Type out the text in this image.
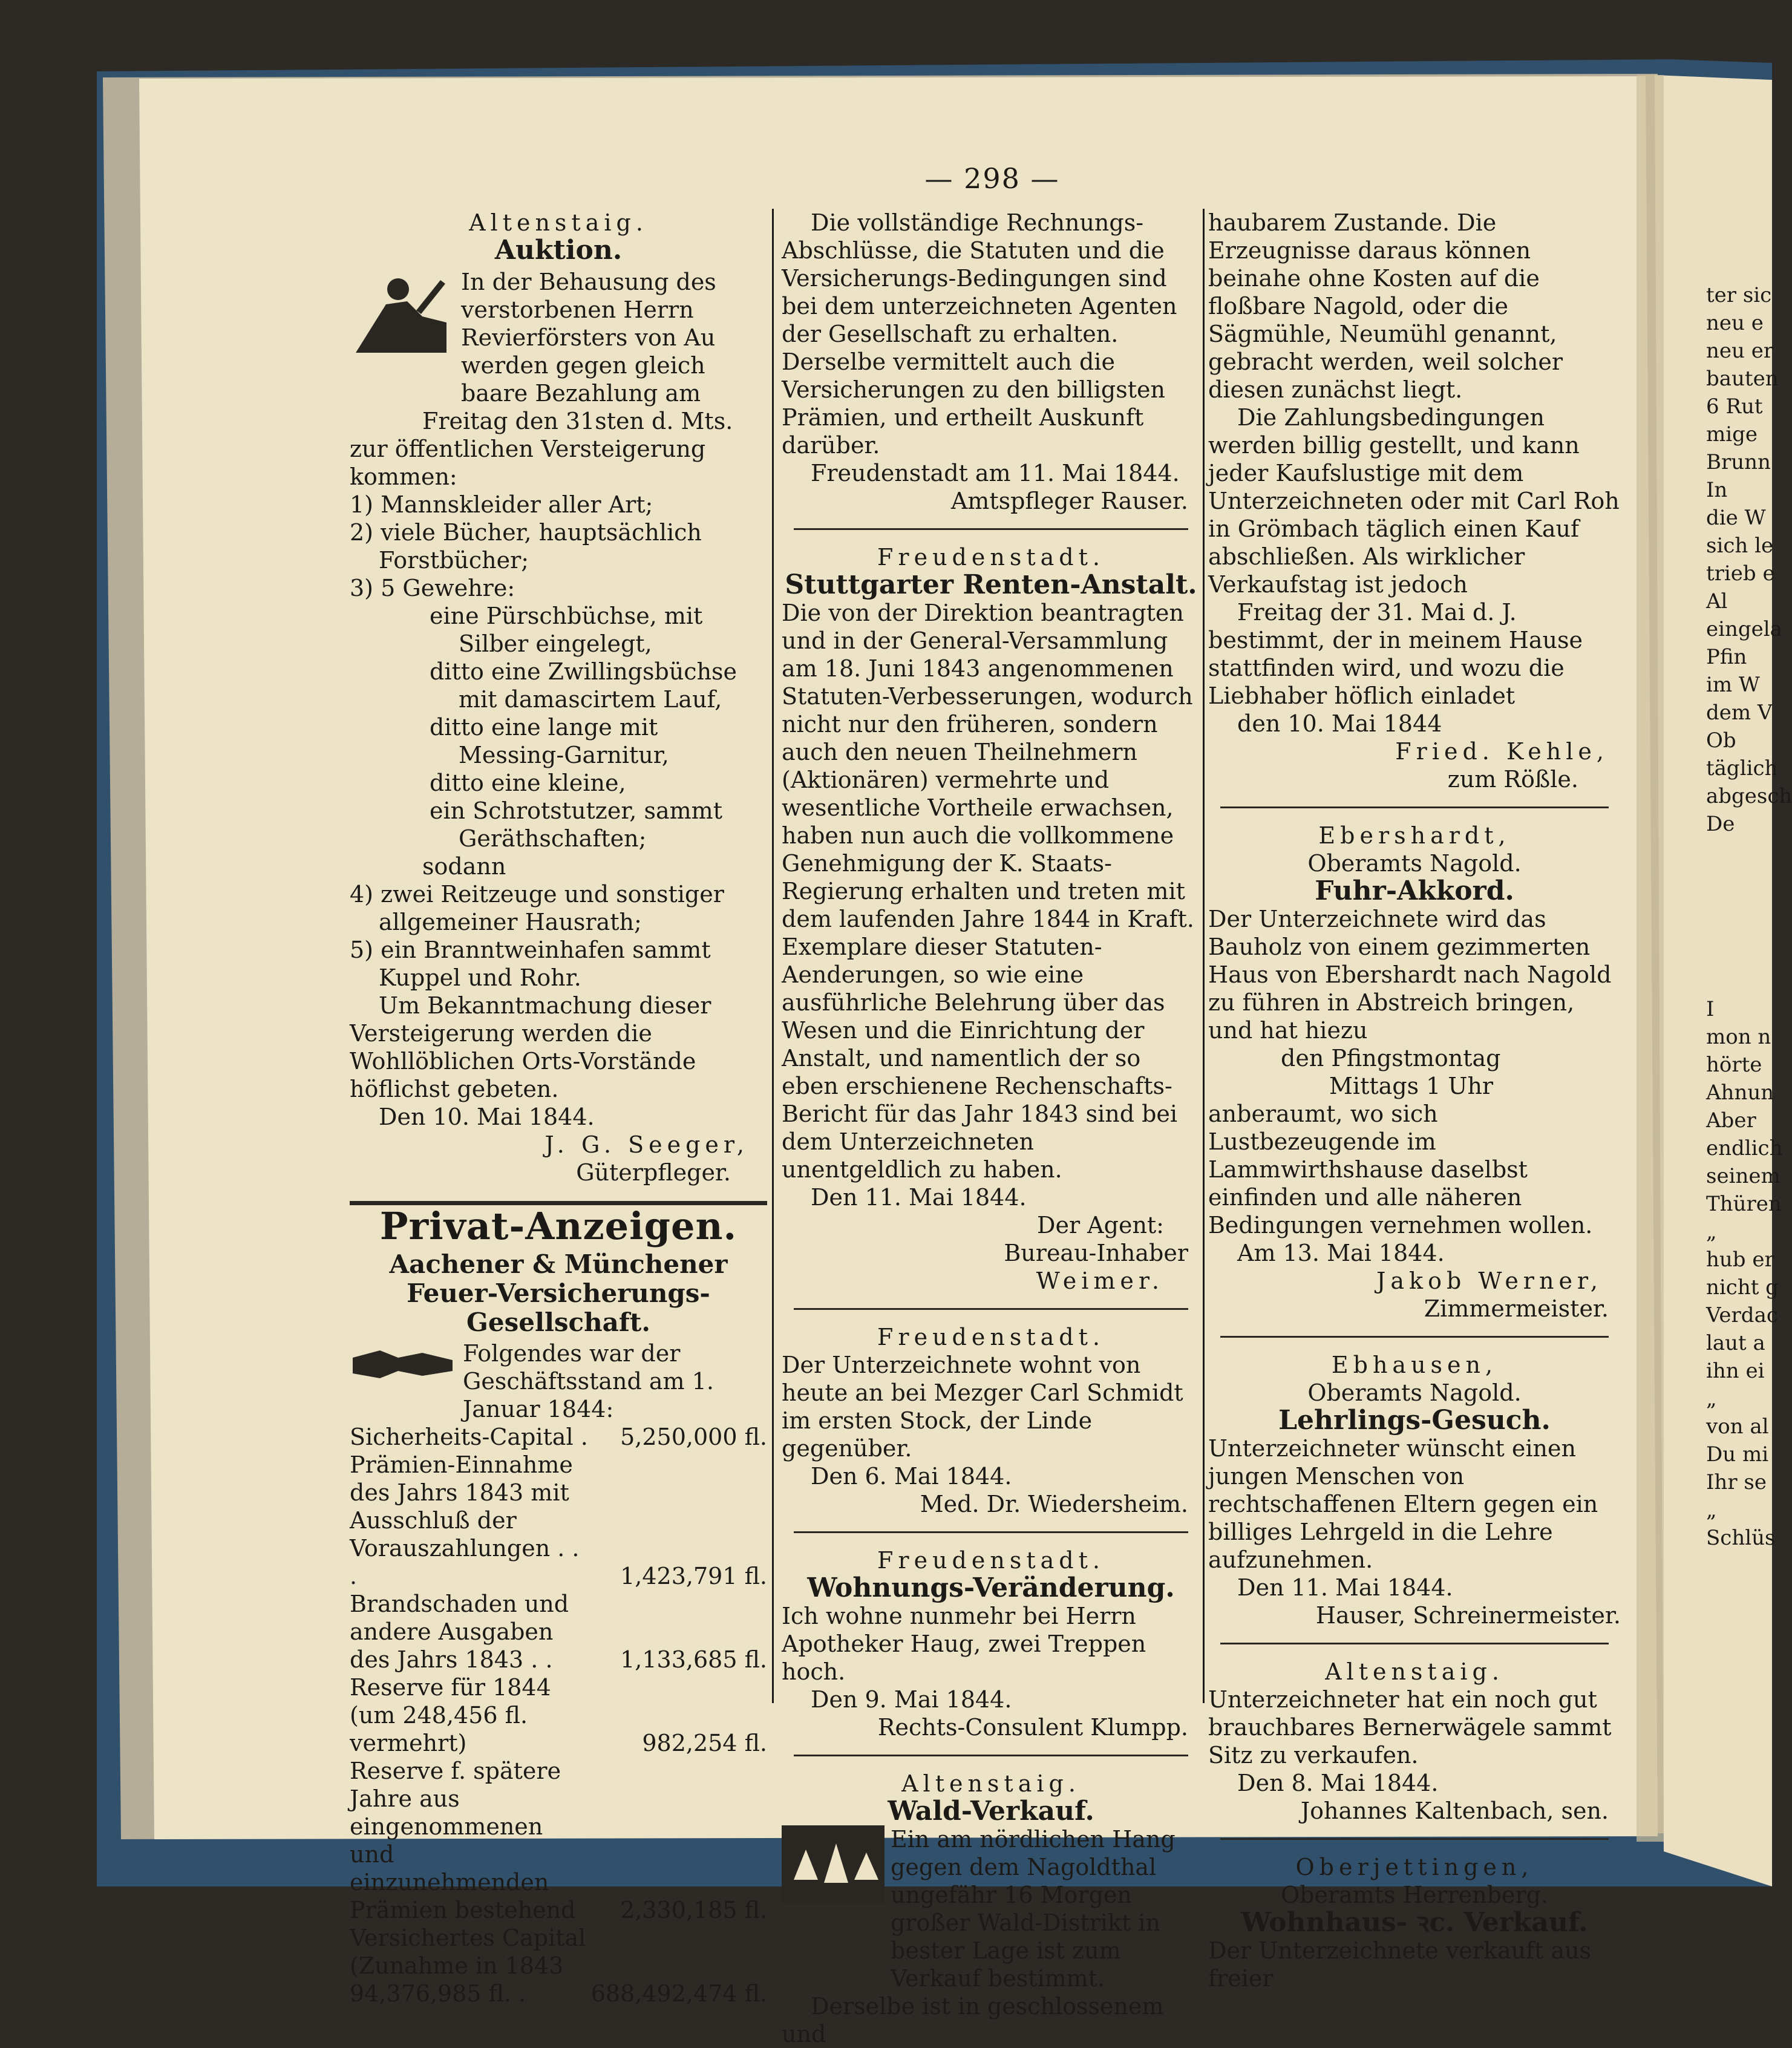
— 298 —

Altenstaig.

Auktion.

In der Behausung des verstorbenen Herrn Revierförsters von Au werden gegen gleich baare Bezahlung am

Freitag den 31sten d. Mts.

zur öffentlichen Versteigerung kommen:

1) Mannskleider aller Art;

2) viele Bücher, hauptsächlich Forstbücher;

3) 5 Gewehre:

eine Pürschbüchse, mit Silber eingelegt,

ditto eine Zwillingsbüchse mit damascirtem Lauf,

ditto eine lange mit Messing-Garnitur,

ditto eine kleine,

ein Schrotstutzer, sammt Geräthschaften;

sodann

4) zwei Reitzeuge und sonstiger allgemeiner Hausrath;

5) ein Branntweinhafen sammt Kuppel und Rohr.

Um Bekanntmachung dieser Versteigerung werden die Wohllöblichen Orts-Vorstände höflichst gebeten.

Den 10. Mai 1844.

J. G. Seeger,

Güterpfleger.

Privat-Anzeigen.

Aachener & Münchener Feuer-Versicherungs-Gesellschaft.

Folgendes war der Geschäftsstand am 1. Januar 1844:

Sicherheits-Capital .	5,250,000 fl.
Prämien-Einnahme des Jahrs 1843 mit Ausschluß der Vorauszahlungen . . .	1,423,791 fl.
Brandschaden und andere Ausgaben des Jahrs 1843 . .	1,133,685 fl.
Reserve für 1844 (um 248,456 fl. vermehrt)	982,254 fl.
Reserve f. spätere Jahre aus eingenommenen und einzunehmenden Prämien bestehend	2,330,185 fl.
Versichertes Capital (Zunahme in 1843 94,376,985 fl. .	688,492,474 fl.

Die vollständige Rechnungs-Abschlüsse, die Statuten und die Versicherungs-Bedingungen sind bei dem unterzeichneten Agenten der Gesellschaft zu erhalten. Derselbe vermittelt auch die Versicherungen zu den billigsten Prämien, und ertheilt Auskunft darüber.

Freudenstadt am 11. Mai 1844.

Amtspfleger Rauser.

Freudenstadt.

Stuttgarter Renten-Anstalt.

Die von der Direktion beantragten und in der General-Versammlung am 18. Juni 1843 angenommenen Statuten-Verbesserungen, wodurch nicht nur den früheren, sondern auch den neuen Theilnehmern (Aktionären) vermehrte und wesentliche Vortheile erwachsen, haben nun auch die vollkommene Genehmigung der K. Staats-Regierung erhalten und treten mit dem laufenden Jahre 1844 in Kraft. Exemplare dieser Statuten-Aenderungen, so wie eine ausführliche Belehrung über das Wesen und die Einrichtung der Anstalt, und namentlich der so eben erschienene Rechenschafts-Bericht für das Jahr 1843 sind bei dem Unterzeichneten unentgeldlich zu haben.

Den 11. Mai 1844.

Der Agent:

Bureau-Inhaber

Weimer.

Freudenstadt.

Der Unterzeichnete wohnt von heute an bei Mezger Carl Schmidt im ersten Stock, der Linde gegenüber.

Den 6. Mai 1844.

Med. Dr. Wiedersheim.

Freudenstadt.

Wohnungs-Veränderung.

Ich wohne nunmehr bei Herrn Apotheker Haug, zwei Treppen hoch.

Den 9. Mai 1844.

Rechts-Consulent Klumpp.

Altenstaig.

Wald-Verkauf.

Ein am nördlichen Hang gegen dem Nagoldthal ungefähr 16 Morgen großer Wald-Distrikt in bester Lage ist zum Verkauf bestimmt.

Derselbe ist in geschlossenem und

haubarem Zustande. Die Erzeugnisse daraus können beinahe ohne Kosten auf die floßbare Nagold, oder die Sägmühle, Neumühl genannt, gebracht werden, weil solcher diesen zunächst liegt.

Die Zahlungsbedingungen werden billig gestellt, und kann jeder Kaufslustige mit dem Unterzeichneten oder mit Carl Roh in Grömbach täglich einen Kauf abschließen. Als wirklicher Verkaufstag ist jedoch

Freitag der 31. Mai d. J.

bestimmt, der in meinem Hause stattfinden wird, und wozu die Liebhaber höflich einladet

den 10. Mai 1844

Fried. Kehle,

zum Rößle.

Ebershardt,

Oberamts Nagold.

Fuhr-Akkord.

Der Unterzeichnete wird das Bauholz von einem gezimmerten Haus von Ebershardt nach Nagold zu führen in Abstreich bringen, und hat hiezu

den Pfingstmontag

Mittags 1 Uhr

anberaumt, wo sich Lustbezeugende im Lammwirthshause daselbst einfinden und alle näheren Bedingungen vernehmen wollen.

Am 13. Mai 1844.

Jakob Werner,

Zimmermeister.

Ebhausen,

Oberamts Nagold.

Lehrlings-Gesuch.

Unterzeichneter wünscht einen jungen Menschen von rechtschaffenen Eltern gegen ein billiges Lehrgeld in die Lehre aufzunehmen.

Den 11. Mai 1844.

Hauser, Schreinermeister.

Altenstaig.

Unterzeichneter hat ein noch gut brauchbares Bernerwägele sammt Sitz zu verkaufen.

Den 8. Mai 1844.

Johannes Kaltenbach, sen.

Oberjettingen,

Oberamts Herrenberg.

Wohnhaus- ꝛc. Verkauf.

Der Unterzeichnete verkauft aus freier

ter sic

neu e

neu er

bauten

6 Rut

mige

Brunn

In

die W

sich le

trieb e

Al

eingela

Pfin

im W

dem V

Ob

täglich

abgesch

De

I

mon n

hörte

Ahnun

Aber

endlich

seinem

Thüren

„

hub er

nicht g

Verdac

laut a

ihn ei

„

von al

Du mi

Ihr se

„

Schlüs
